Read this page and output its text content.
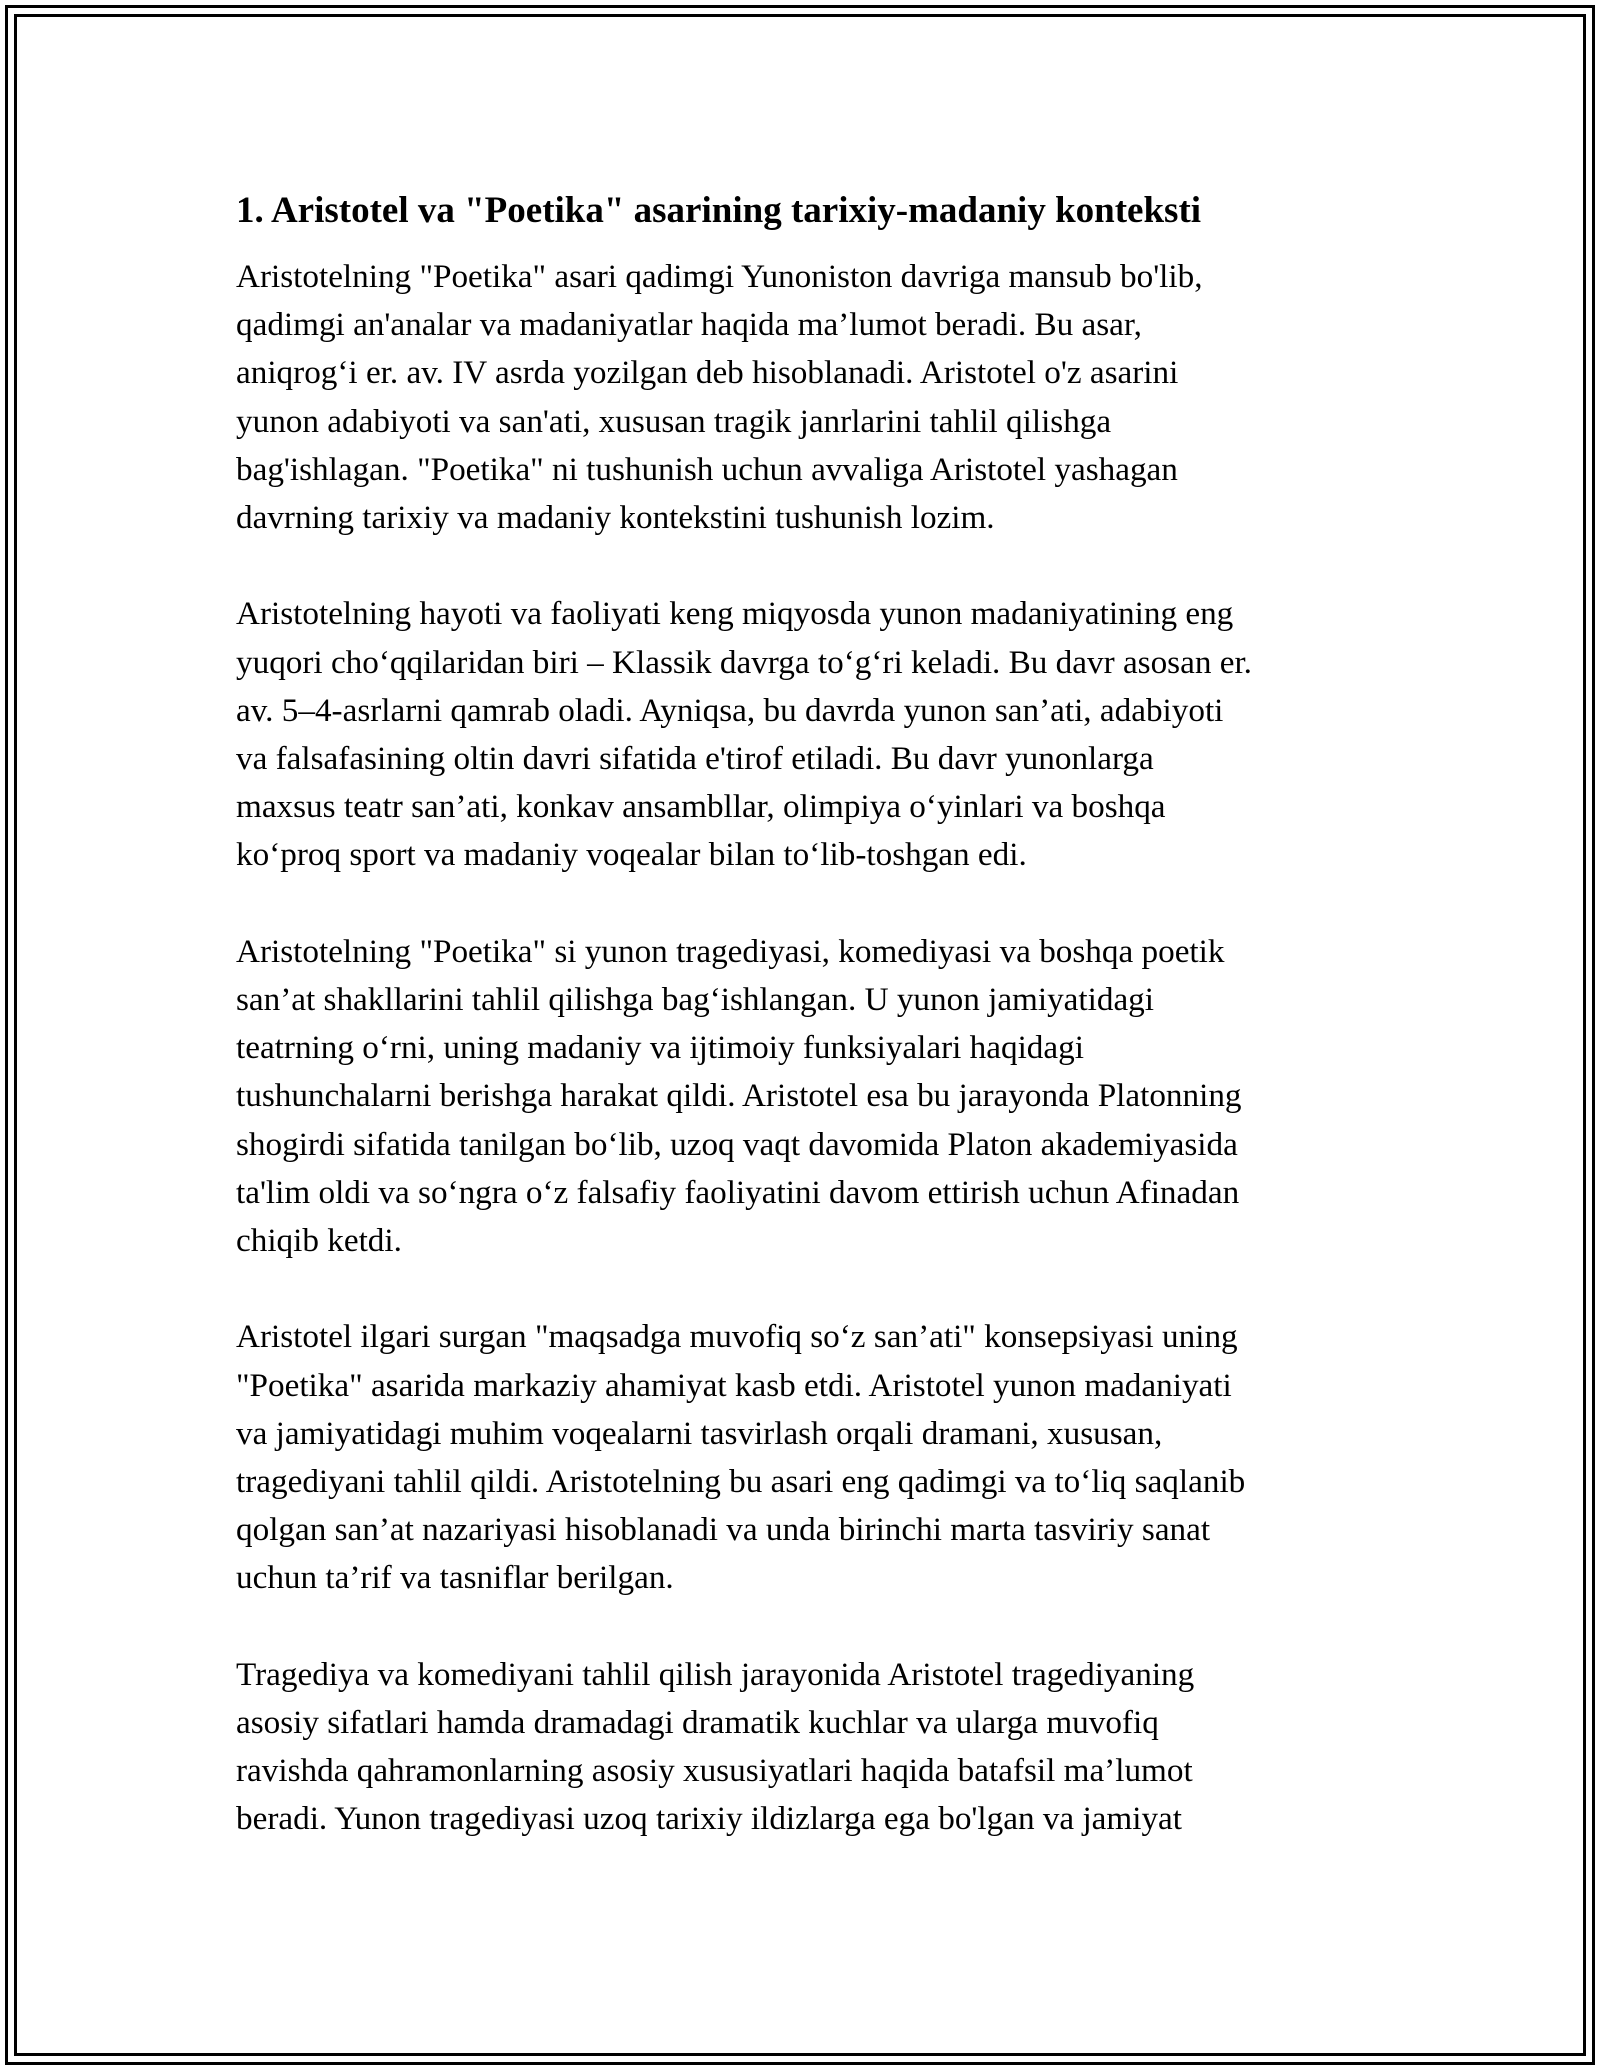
1. Aristotel va "Poetika" asarining tarixiy-madaniy konteksti

Aristotelning "Poetika" asari qadimgi Yunoniston davriga mansub bo'lib,
qadimgi an'analar va madaniyatlar haqida ma’lumot beradi. Bu asar,
aniqrog‘i er. av. IV asrda yozilgan deb hisoblanadi. Aristotel o'z asarini
yunon adabiyoti va san'ati, xususan tragik janrlarini tahlil qilishga
bag'ishlagan. "Poetika" ni tushunish uchun avvaliga Aristotel yashagan
davrning tarixiy va madaniy kontekstini tushunish lozim.

Aristotelning hayoti va faoliyati keng miqyosda yunon madaniyatining eng
yuqori cho‘qqilaridan biri – Klassik davrga to‘g‘ri keladi. Bu davr asosan er.
av. 5–4-asrlarni qamrab oladi. Ayniqsa, bu davrda yunon san’ati, adabiyoti
va falsafasining oltin davri sifatida e'tirof etiladi. Bu davr yunonlarga
maxsus teatr san’ati, konkav ansambllar, olimpiya o‘yinlari va boshqa
ko‘proq sport va madaniy voqealar bilan to‘lib-toshgan edi.

Aristotelning "Poetika" si yunon tragediyasi, komediyasi va boshqa poetik
san’at shakllarini tahlil qilishga bag‘ishlangan. U yunon jamiyatidagi
teatrning o‘rni, uning madaniy va ijtimoiy funksiyalari haqidagi
tushunchalarni berishga harakat qildi. Aristotel esa bu jarayonda Platonning
shogirdi sifatida tanilgan bo‘lib, uzoq vaqt davomida Platon akademiyasida
ta'lim oldi va so‘ngra o‘z falsafiy faoliyatini davom ettirish uchun Afinadan
chiqib ketdi.

Aristotel ilgari surgan "maqsadga muvofiq so‘z san’ati" konsepsiyasi uning
"Poetika" asarida markaziy ahamiyat kasb etdi. Aristotel yunon madaniyati
va jamiyatidagi muhim voqealarni tasvirlash orqali dramani, xususan,
tragediyani tahlil qildi. Aristotelning bu asari eng qadimgi va to‘liq saqlanib
qolgan san’at nazariyasi hisoblanadi va unda birinchi marta tasviriy sanat
uchun ta’rif va tasniflar berilgan.

Tragediya va komediyani tahlil qilish jarayonida Aristotel tragediyaning
asosiy sifatlari hamda dramadagi dramatik kuchlar va ularga muvofiq
ravishda qahramonlarning asosiy xususiyatlari haqida batafsil ma’lumot
beradi. Yunon tragediyasi uzoq tarixiy ildizlarga ega bo'lgan va jamiyat
